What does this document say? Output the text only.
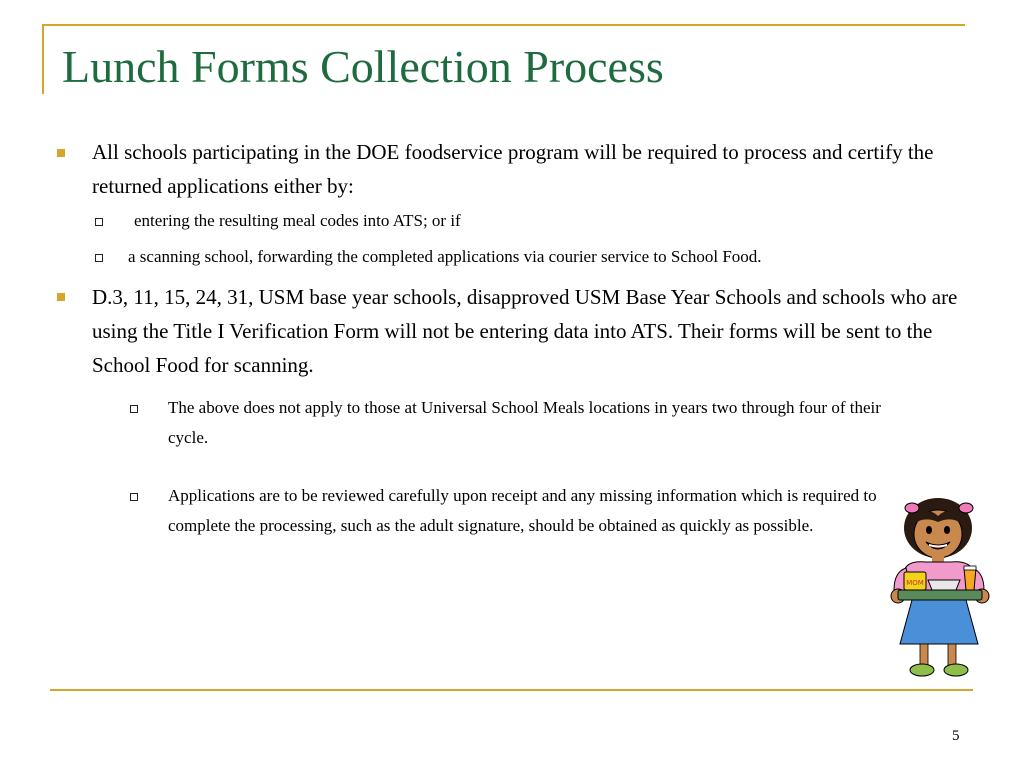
Lunch Forms Collection Process
All schools participating in the DOE foodservice program will be required to process and certify the returned applications either by:
entering the resulting meal codes into ATS; or if
a scanning school, forwarding the completed applications via courier service to School Food.
D.3, 11, 15, 24, 31, USM base year schools, disapproved USM Base Year Schools and schools who are using the Title I Verification Form will not be entering data into ATS. Their forms will be sent to the School Food for scanning.
The above does not apply to those at Universal School Meals locations in years two through four of their cycle.
Applications are to be reviewed carefully upon receipt and any missing information which is required to complete the processing, such as the adult signature, should be obtained as quickly as possible.
MOM
5
